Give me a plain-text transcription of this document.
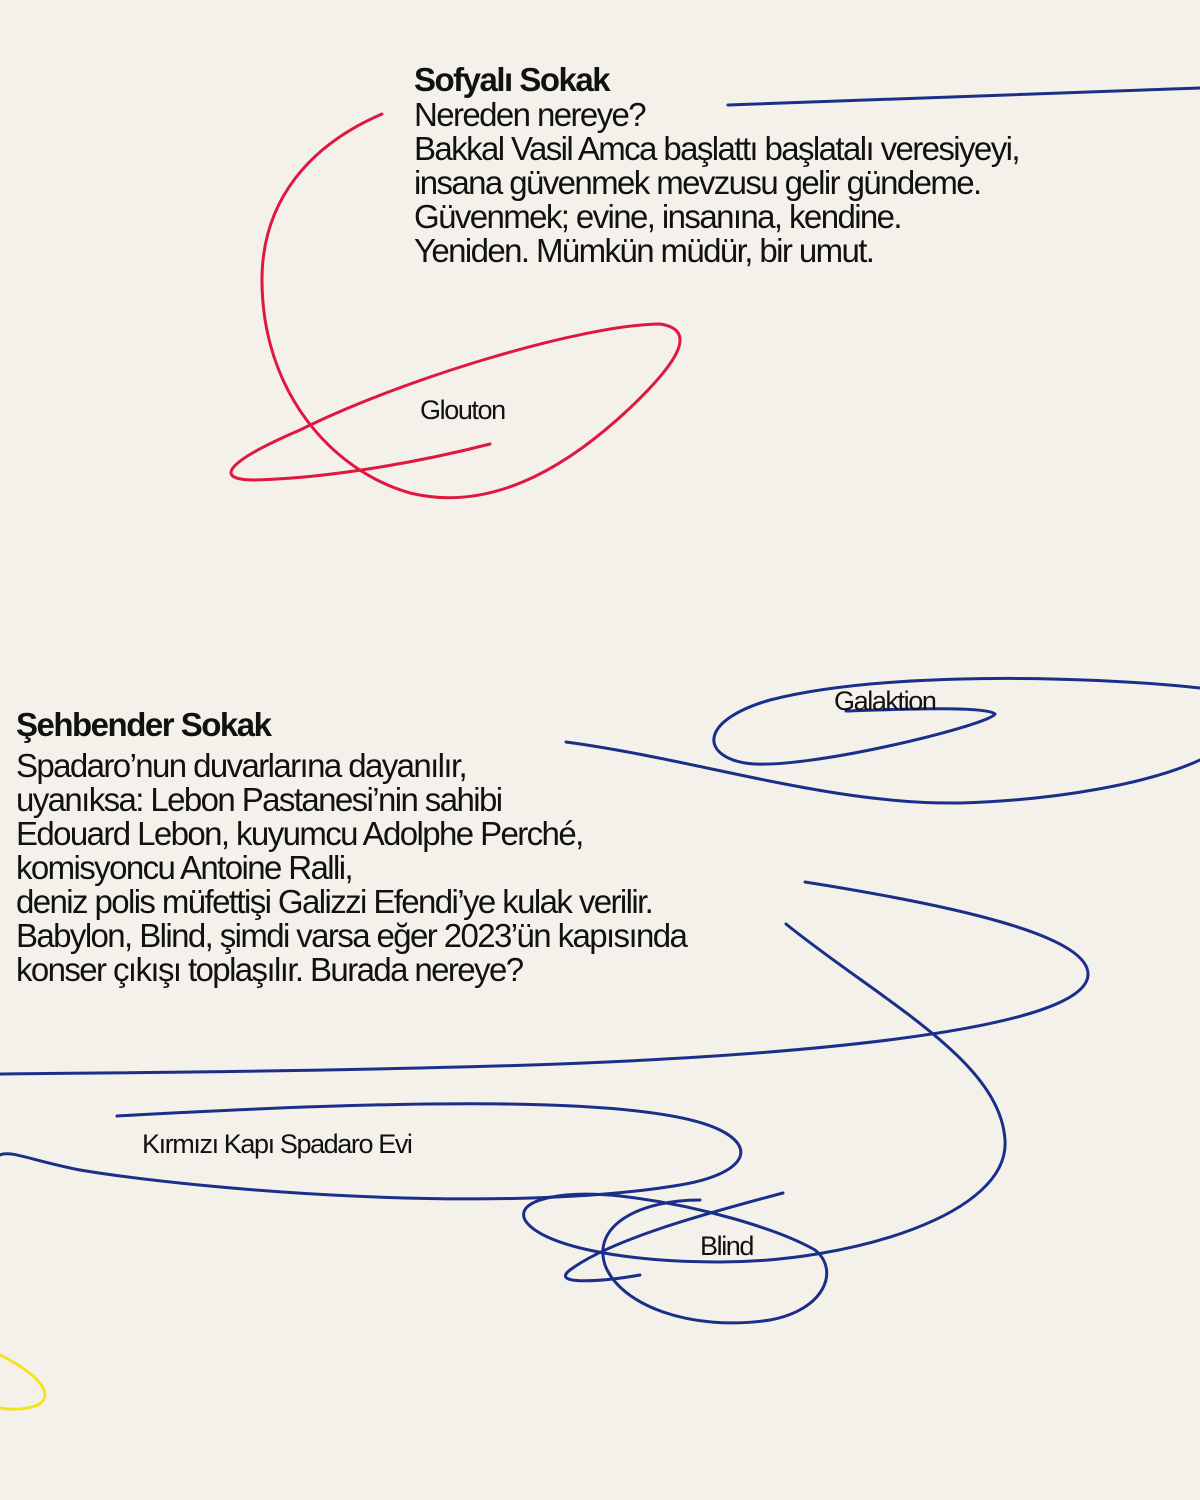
Sofyalı Sokak
Nereden nereye?
Bakkal Vasil Amca başlattı başlatalı veresiyeyi,
insana güvenmek mevzusu gelir gündeme.
Güvenmek; evine, insanına, kendine.
Yeniden. Mümkün müdür, bir umut.
Glouton
Galaktion
Şehbender Sokak
Spadaro’nun duvarlarına dayanılır,
uyanıksa: Lebon Pastanesi’nin sahibi
Edouard Lebon, kuyumcu Adolphe Perché,
komisyoncu Antoine Ralli,
deniz polis müfettişi Galizzi Efendi’ye kulak verilir.
Babylon, Blind, şimdi varsa eğer 2023’ün kapısında
konser çıkışı toplaşılır. Burada nereye?
Kırmızı Kapı Spadaro Evi
Blind
